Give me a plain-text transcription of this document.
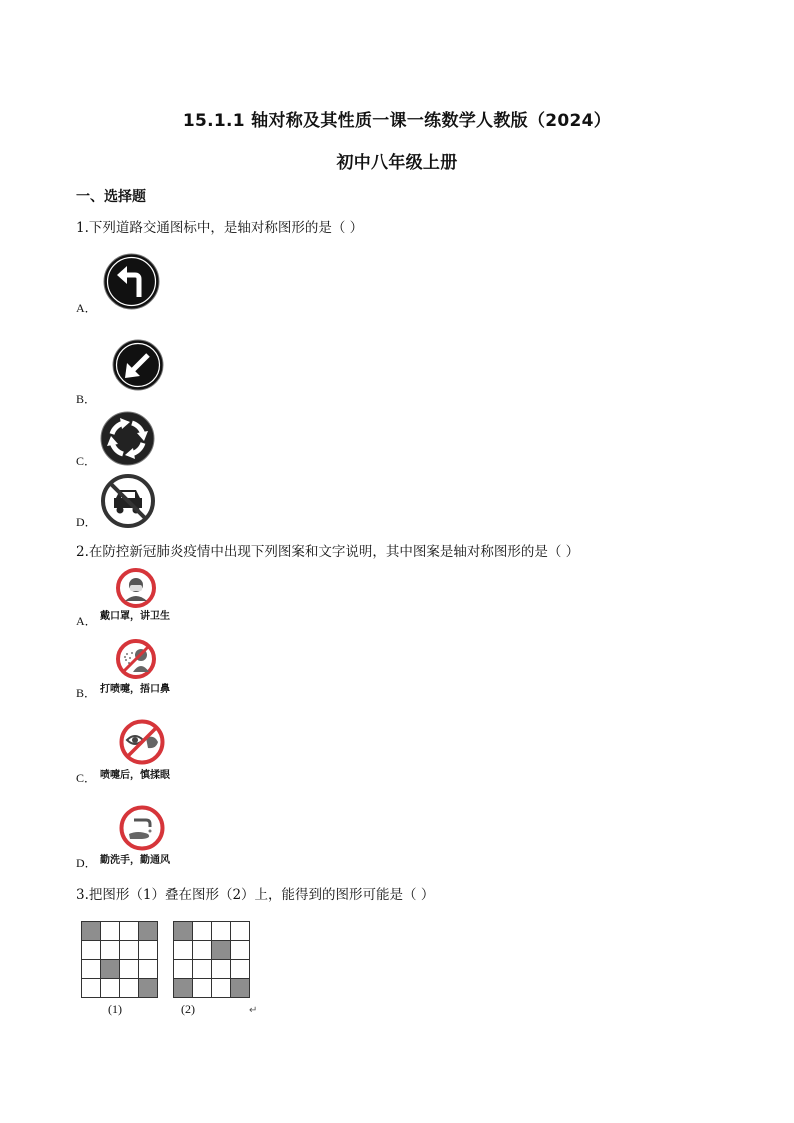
15.1.1 轴对称及其性质一课一练数学人教版（2024）
初中八年级上册
一、选择题
1.下列道路交通图标中，是轴对称图形的是（ ）
A．
B．
C．
D．
2.在防控新冠肺炎疫情中出现下列图案和文字说明，其中图案是轴对称图形的是（ ）
A． 戴口罩，讲卫生
B． 打喷嚏，捂口鼻
C． 喷嚏后，慎揉眼
D． 勤洗手，勤通风
3.把图形（1）叠在图形（2）上，能得到的图形可能是（ ）

(1)	(2)	↵
